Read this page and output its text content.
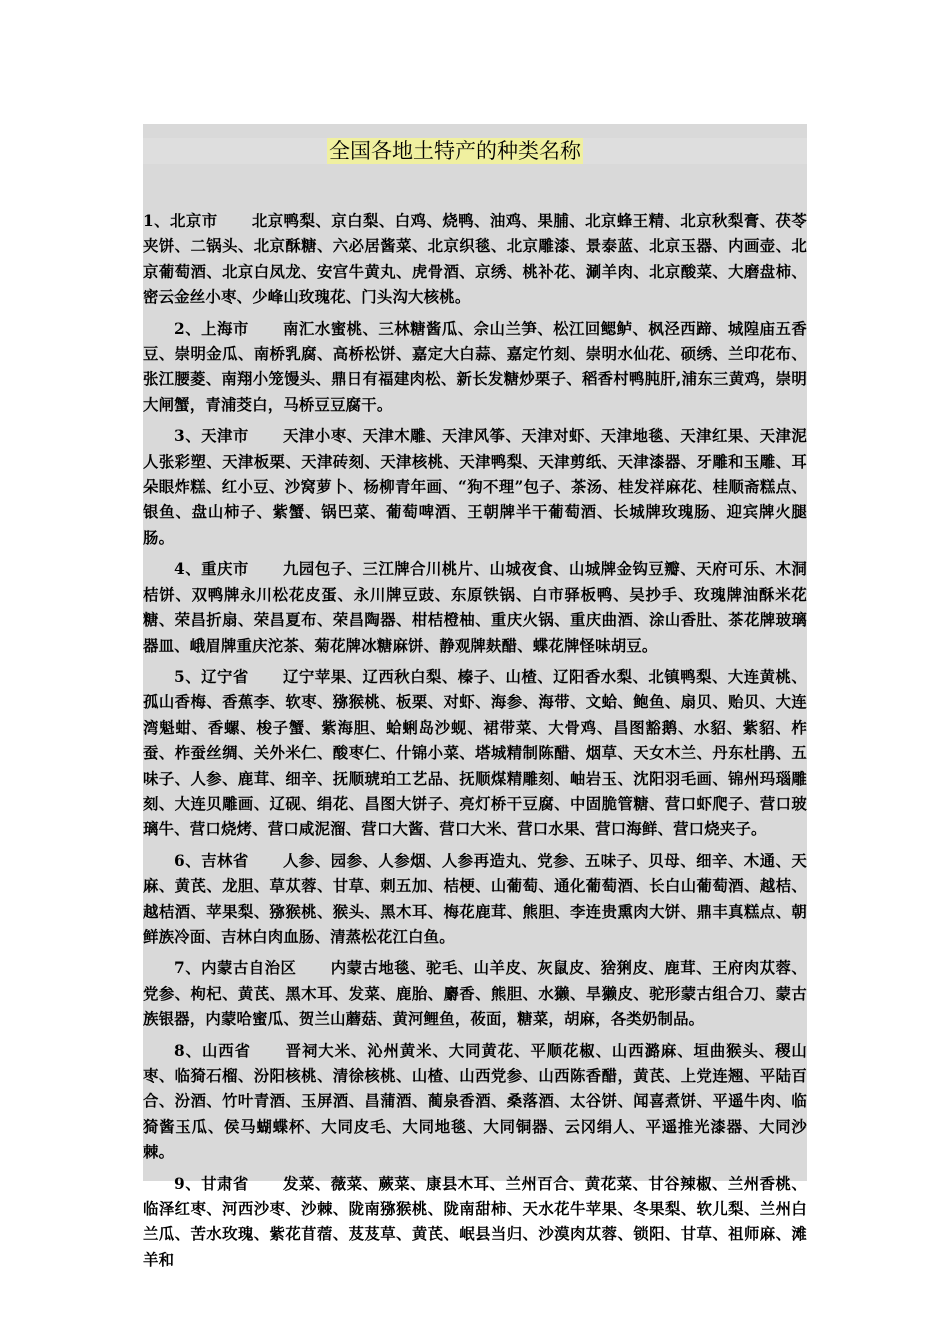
全国各地土特产的种类名称

1、北京市 北京鸭梨、京白梨、白鸡、烧鸭、油鸡、果脯、北京蜂王精、北京秋梨膏、茯苓夹饼、二锅头、北京酥糖、六必居酱菜、北京织毯、北京雕漆、景泰蓝、北京玉器、内画壶、北京葡萄酒、北京白凤龙、安宫牛黄丸、虎骨酒、京绣、桃补花、涮羊肉、北京酸菜、大磨盘柿、密云金丝小枣、少峰山玫瑰花、门头沟大核桃。

2、上海市 南汇水蜜桃、三林糖酱瓜、佘山兰笋、松江回鳃鲈、枫泾西蹄、城隍庙五香豆、崇明金瓜、南桥乳腐、高桥松饼、嘉定大白蒜、嘉定竹刻、崇明水仙花、硕绣、兰印花布、张江腰菱、南翔小笼馒头、鼎日有福建肉松、新长发糖炒栗子、稻香村鸭肫肝,浦东三黄鸡，崇明大闸蟹，青浦茭白，马桥豆豆腐干。

3、天津市 天津小枣、天津木雕、天津风筝、天津对虾、天津地毯、天津红果、天津泥人张彩塑、天津板栗、天津砖刻、天津核桃、天津鸭梨、天津剪纸、天津漆器、牙雕和玉雕、耳朵眼炸糕、红小豆、沙窝萝卜、杨柳青年画、“狗不理”包子、茶汤、桂发祥麻花、桂顺斋糕点、银鱼、盘山柿子、紫蟹、锅巴菜、葡萄啤酒、王朝牌半干葡萄酒、长城牌玫瑰肠、迎宾牌火腿肠。

4、重庆市 九园包子、三江牌合川桃片、山城夜食、山城牌金钩豆瓣、天府可乐、木洞桔饼、双鸭牌永川松花皮蛋、永川牌豆豉、东原铁锅、白市驿板鸭、吴抄手、玫瑰牌油酥米花糖、荣昌折扇、荣昌夏布、荣昌陶器、柑桔橙柚、重庆火锅、重庆曲酒、涂山香肚、茶花牌玻璃器皿、峨眉牌重庆沱茶、菊花牌冰糖麻饼、静观牌麸醋、蝶花牌怪味胡豆。

5、辽宁省 辽宁苹果、辽西秋白梨、榛子、山楂、辽阳香水梨、北镇鸭梨、大连黄桃、孤山香梅、香蕉李、软枣、猕猴桃、板栗、对虾、海参、海带、文蛤、鲍鱼、扇贝、贻贝、大连湾魁蚶、香螺、梭子蟹、紫海胆、蛤蜊岛沙蚬、裙带菜、大骨鸡、昌图豁鹅、水貂、紫貂、柞蚕、柞蚕丝绸、关外米仁、酸枣仁、什锦小菜、塔城精制陈醋、烟草、天女木兰、丹东杜鹃、五味子、人参、鹿茸、细辛、抚顺琥珀工艺品、抚顺煤精雕刻、岫岩玉、沈阳羽毛画、锦州玛瑙雕刻、大连贝雕画、辽砚、绢花、昌图大饼子、亮灯桥干豆腐、中固脆管糖、营口虾爬子、营口玻璃牛、营口烧烤、营口咸泥溜、营口大酱、营口大米、营口水果、营口海鲜、营口烧夹子。

6、吉林省 人参、园参、人参烟、人参再造丸、党参、五味子、贝母、细辛、木通、天麻、黄芪、龙胆、草苁蓉、甘草、刺五加、桔梗、山葡萄、通化葡萄酒、长白山葡萄酒、越桔、越桔酒、苹果梨、猕猴桃、猴头、黑木耳、梅花鹿茸、熊胆、李连贵熏肉大饼、鼎丰真糕点、朝鲜族冷面、吉林白肉血肠、清蒸松花江白鱼。

7、内蒙古自治区 内蒙古地毯、驼毛、山羊皮、灰鼠皮、猞猁皮、鹿茸、王府肉苁蓉、党参、枸杞、黄芪、黑木耳、发菜、鹿胎、麝香、熊胆、水獭、旱獭皮、驼形蒙古组合刀、蒙古族银器，内蒙哈蜜瓜、贺兰山蘑菇、黄河鲤鱼，莜面，糖菜，胡麻，各类奶制品。

8、山西省 晋祠大米、沁州黄米、大同黄花、平顺花椒、山西潞麻、垣曲猴头、稷山枣、临猗石榴、汾阳核桃、清徐核桃、山楂、山西党参、山西陈香醋，黄芪、上党连翘、平陆百合、汾酒、竹叶青酒、玉屏酒、昌蒲酒、蔺泉香酒、桑落酒、太谷饼、闻喜煮饼、平遥牛肉、临猗酱玉瓜、侯马蝴蝶杯、大同皮毛、大同地毯、大同铜器、云冈绢人、平遥推光漆器、大同沙棘。

9、甘肃省 发菜、薇菜、蕨菜、康县木耳、兰州百合、黄花菜、甘谷辣椒、兰州香桃、临泽红枣、河西沙枣、沙棘、陇南猕猴桃、陇南甜柿、天水花牛苹果、冬果梨、软儿梨、兰州白兰瓜、苦水玫瑰、紫花苜蓿、芨芨草、黄芪、岷县当归、沙漠肉苁蓉、锁阳、甘草、祖师麻、滩羊和
